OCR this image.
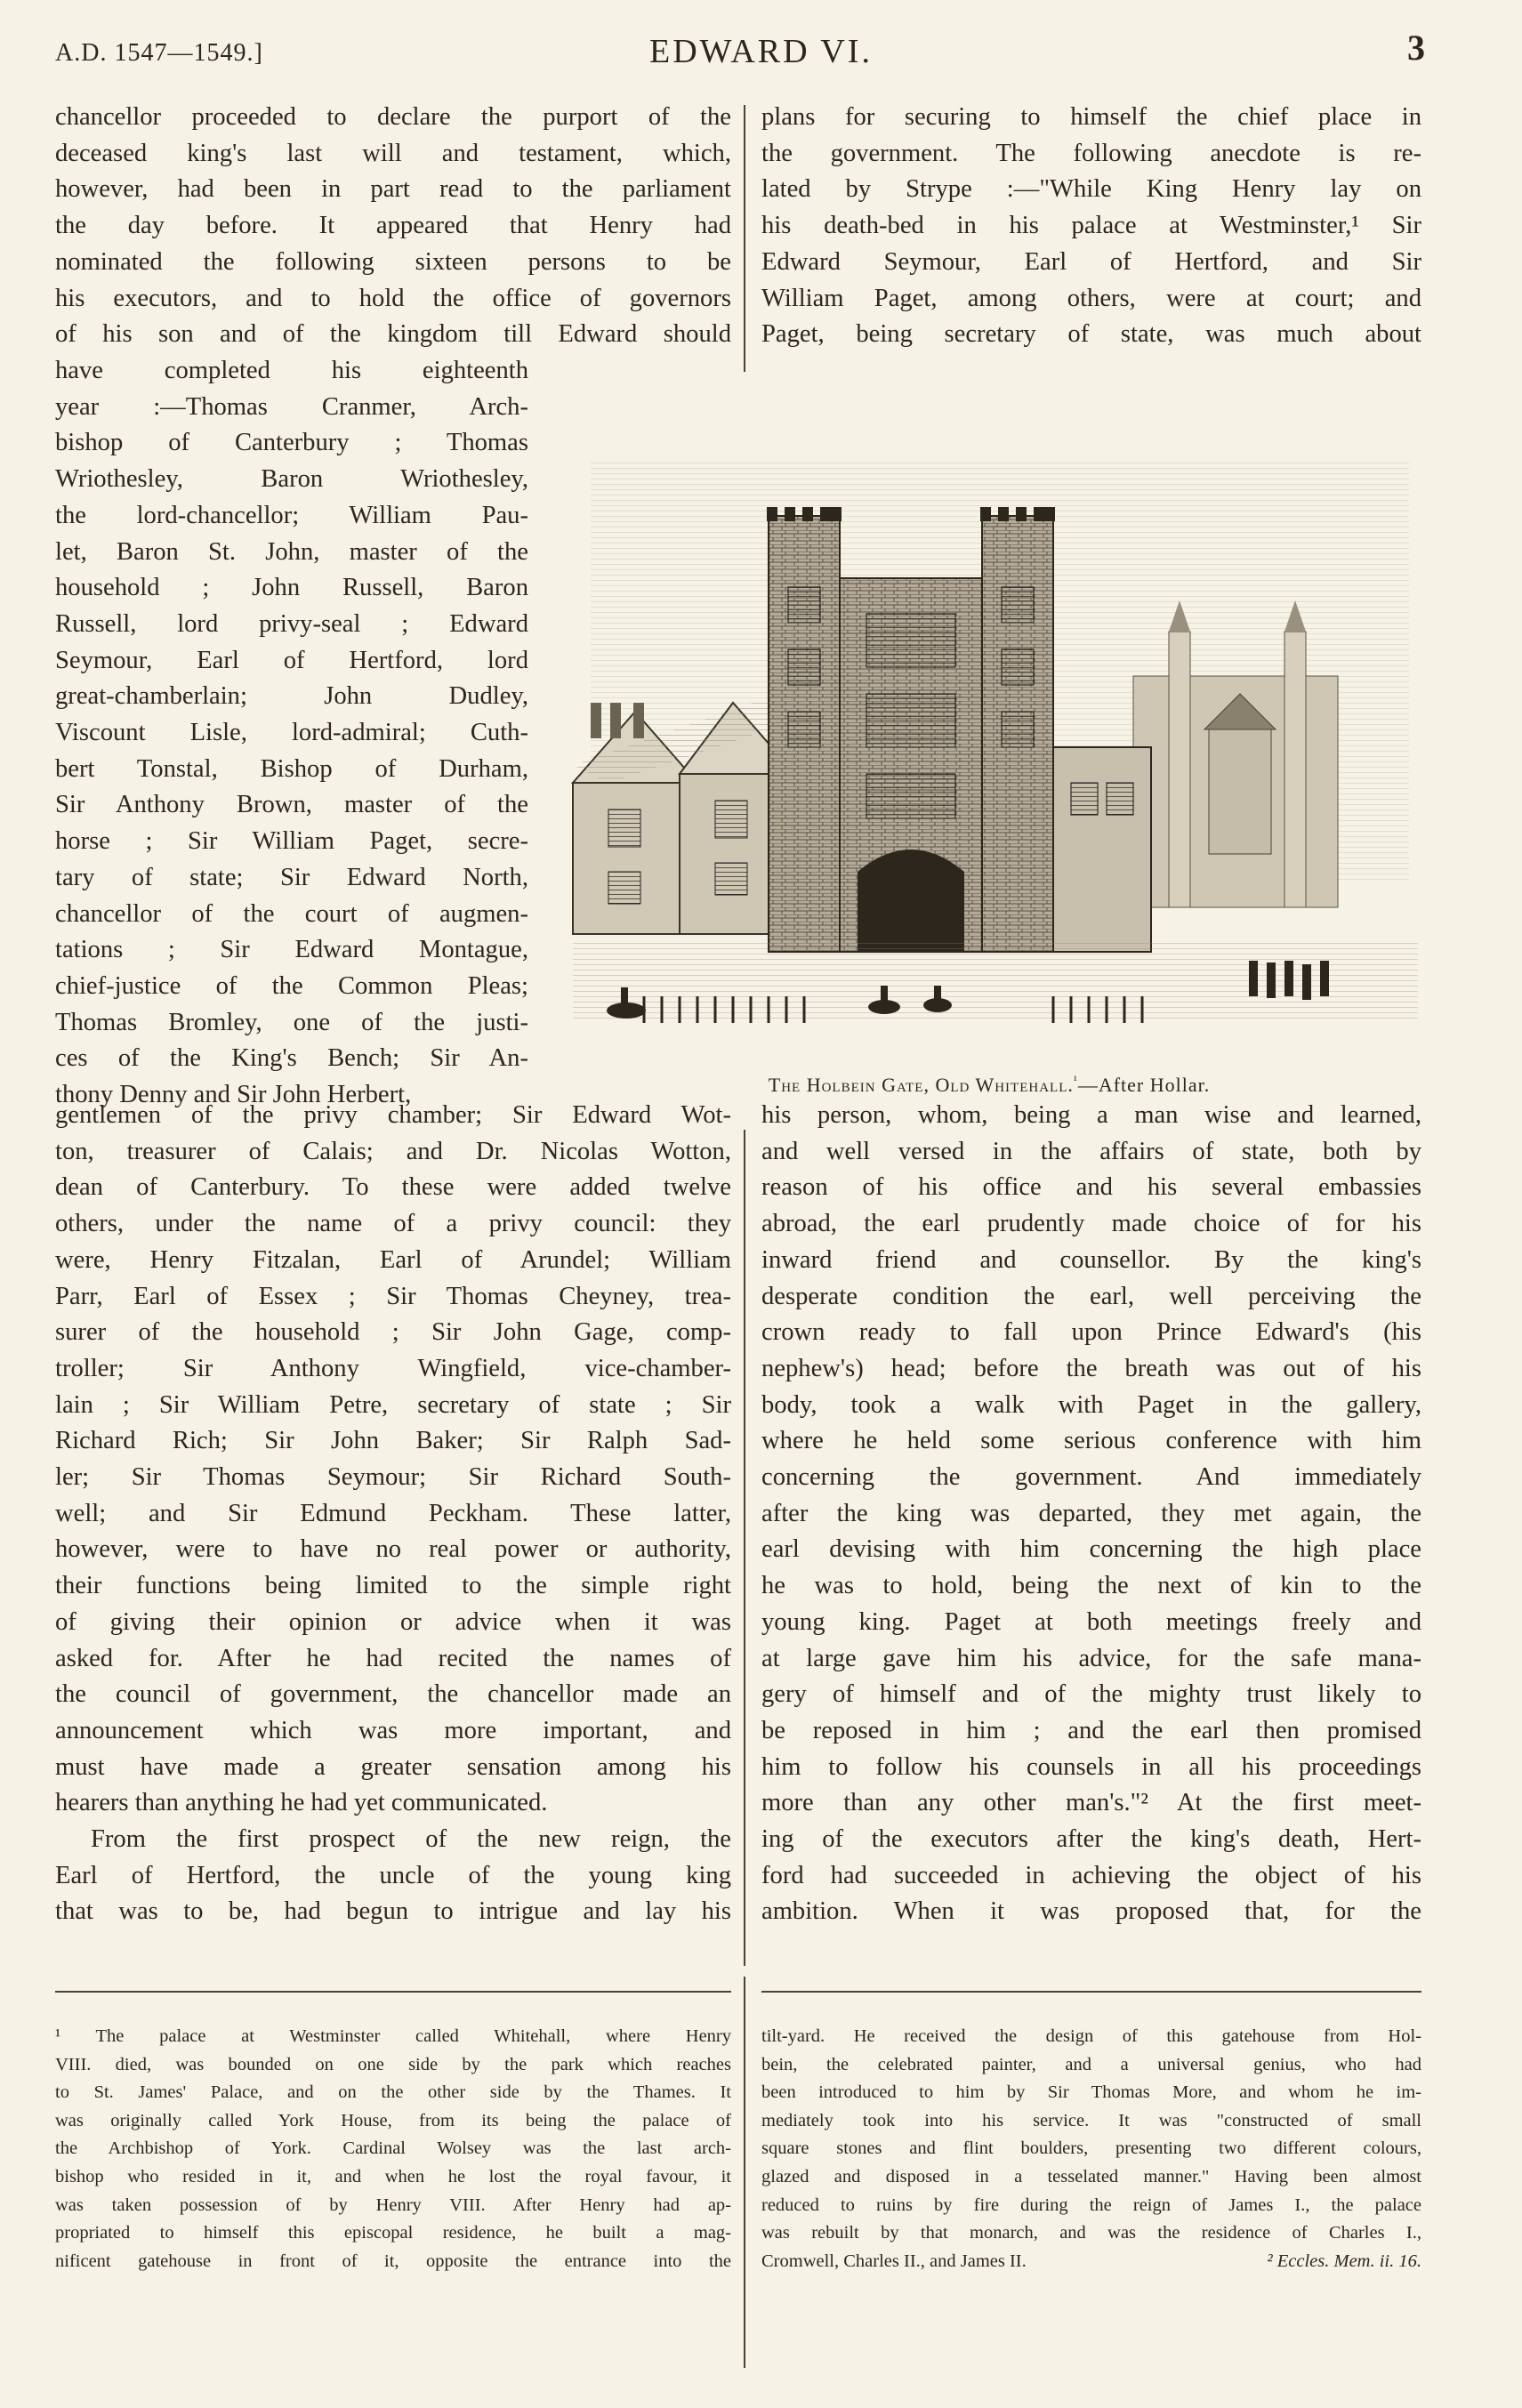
A.D. 1547—1549.]	EDWARD VI.	3
chancellor proceeded to declare the purport of the
deceased king's last will and testament, which,
however, had been in part read to the parliament
the day before. It appeared that Henry had
nominated the following sixteen persons to be
his executors, and to hold the office of governors
of his son and of the kingdom till Edward should
plans for securing to himself the chief place in
the government. The following anecdote is re-
lated by Strype :—"While King Henry lay on
his death-bed in his palace at Westminster,¹ Sir
Edward Seymour, Earl of Hertford, and Sir
William Paget, among others, were at court; and
Paget, being secretary of state, was much about
have completed his eighteenth
year :—Thomas Cranmer, Arch-
bishop of Canterbury ; Thomas
Wriothesley, Baron Wriothesley,
the lord-chancellor; William Pau-
let, Baron St. John, master of the
household ; John Russell, Baron
Russell, lord privy-seal ; Edward
Seymour, Earl of Hertford, lord
great-chamberlain; John Dudley,
Viscount Lisle, lord-admiral; Cuth-
bert Tonstal, Bishop of Durham,
Sir Anthony Brown, master of the
horse ; Sir William Paget, secre-
tary of state; Sir Edward North,
chancellor of the court of augmen-
tations ; Sir Edward Montague,
chief-justice of the Common Pleas;
Thomas Bromley, one of the justi-
ces of the King's Bench; Sir An-
thony Denny and Sir John Herbert,	The Holbein Gate, Old Whitehall.$^{^1}$—After Hollar.
gentlemen of the privy chamber; Sir Edward Wot-
ton, treasurer of Calais; and Dr. Nicolas Wotton,
dean of Canterbury. To these were added twelve
others, under the name of a privy council: they
were, Henry Fitzalan, Earl of Arundel; William
Parr, Earl of Essex ; Sir Thomas Cheyney, trea-
surer of the household ; Sir John Gage, comp-
troller; Sir Anthony Wingfield, vice-chamber-
lain ; Sir William Petre, secretary of state ; Sir
Richard Rich; Sir John Baker; Sir Ralph Sad-
ler; Sir Thomas Seymour; Sir Richard South-
well; and Sir Edmund Peckham. These latter,
however, were to have no real power or authority,
their functions being limited to the simple right
of giving their opinion or advice when it was
asked for. After he had recited the names of
the council of government, the chancellor made an
announcement which was more important, and
must have made a greater sensation among his
hearers than anything he had yet communicated.
From the first prospect of the new reign, the
Earl of Hertford, the uncle of the young king
that was to be, had begun to intrigue and lay his
his person, whom, being a man wise and learned,
and well versed in the affairs of state, both by
reason of his office and his several embassies
abroad, the earl prudently made choice of for his
inward friend and counsellor. By the king's
desperate condition the earl, well perceiving the
crown ready to fall upon Prince Edward's (his
nephew's) head; before the breath was out of his
body, took a walk with Paget in the gallery,
where he held some serious conference with him
concerning the government. And immediately
after the king was departed, they met again, the
earl devising with him concerning the high place
he was to hold, being the next of kin to the
young king. Paget at both meetings freely and
at large gave him his advice, for the safe mana-
gery of himself and of the mighty trust likely to
be reposed in him ; and the earl then promised
him to follow his counsels in all his proceedings
more than any other man's."² At the first meet-
ing of the executors after the king's death, Hert-
ford had succeeded in achieving the object of his
ambition. When it was proposed that, for the
¹ The palace at Westminster called Whitehall, where Henry
VIII. died, was bounded on one side by the park which reaches
to St. James' Palace, and on the other side by the Thames. It
was originally called York House, from its being the palace of
the Archbishop of York. Cardinal Wolsey was the last arch-
bishop who resided in it, and when he lost the royal favour, it
was taken possession of by Henry VIII. After Henry had ap-
propriated to himself this episcopal residence, he built a mag-
nificent gatehouse in front of it, opposite the entrance into the
tilt-yard. He received the design of this gatehouse from Hol-
bein, the celebrated painter, and a universal genius, who had
been introduced to him by Sir Thomas More, and whom he im-
mediately took into his service. It was "constructed of small
square stones and flint boulders, presenting two different colours,
glazed and disposed in a tesselated manner." Having been almost
reduced to ruins by fire during the reign of James I., the palace
was rebuilt by that monarch, and was the residence of Charles I.,
Cromwell, Charles II., and James II.	² Eccles. Mem. ii. 16.
